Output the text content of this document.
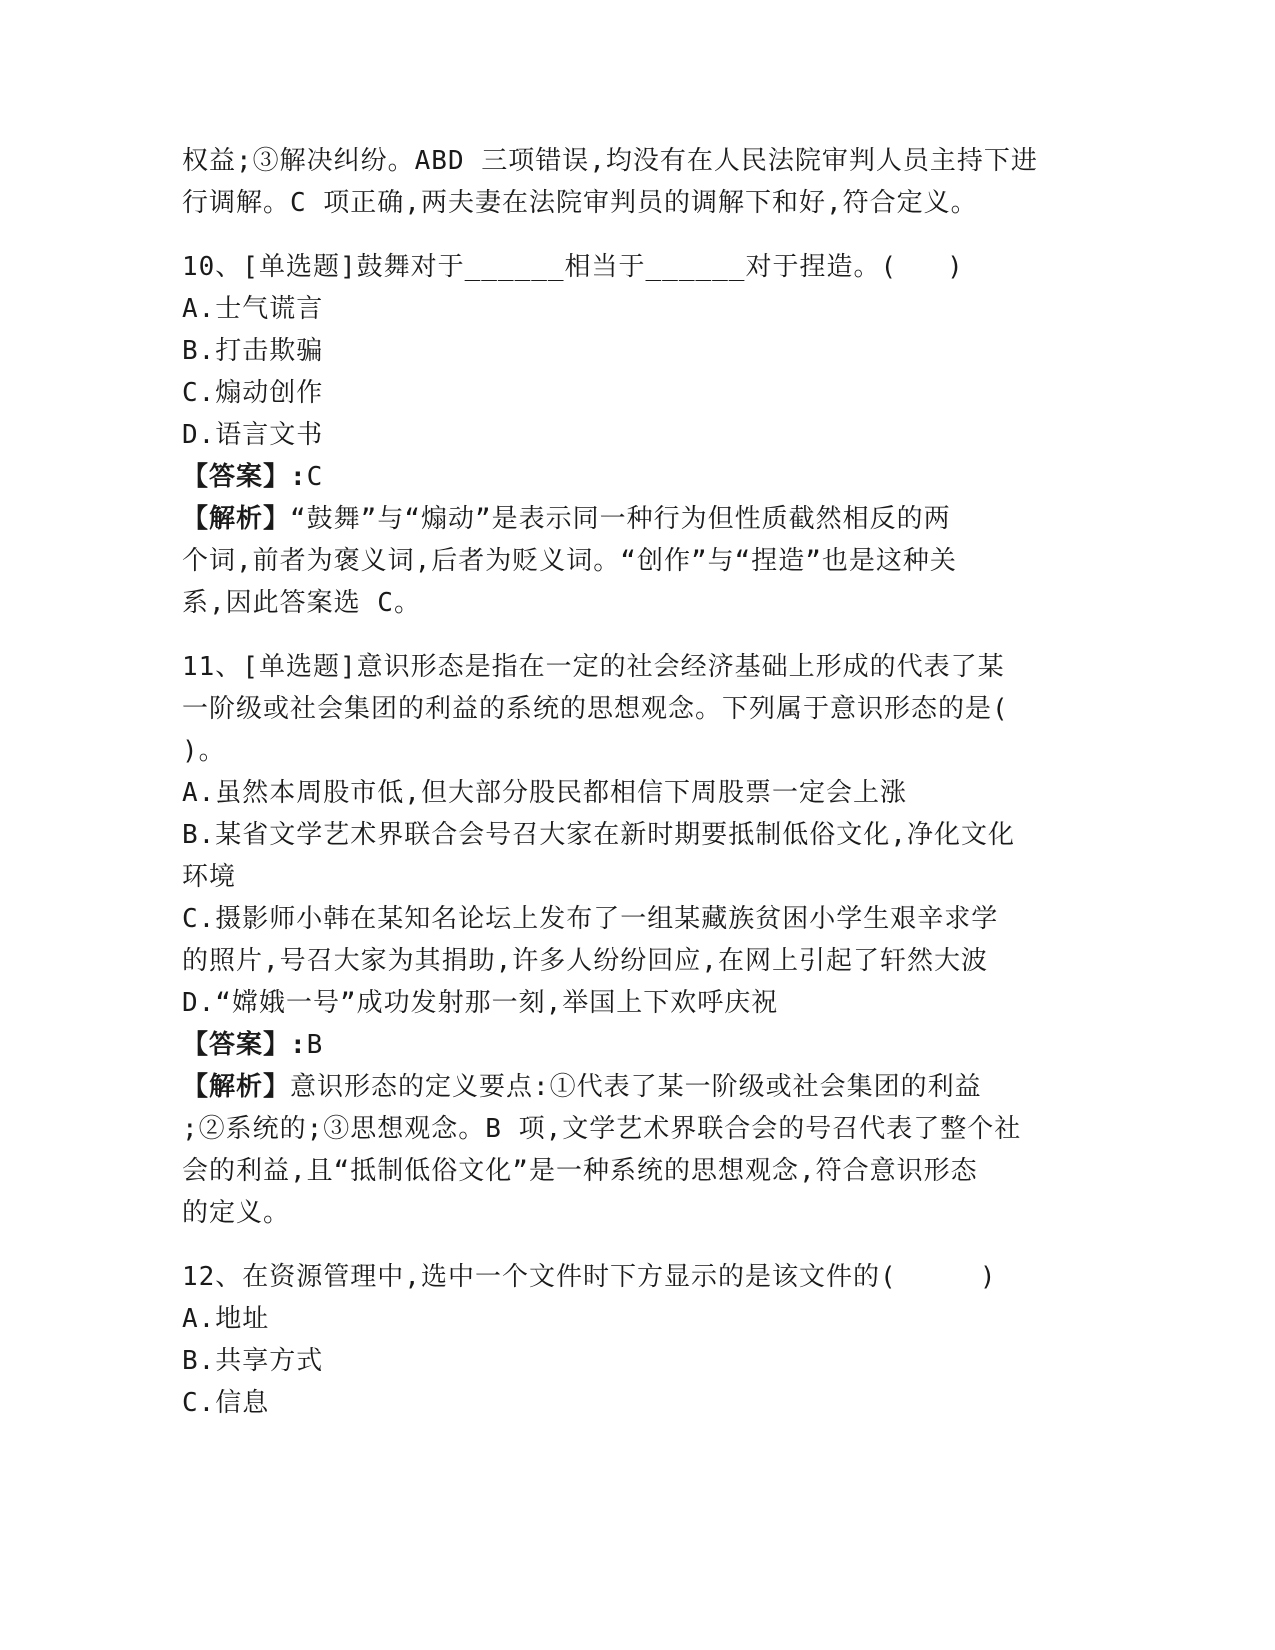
权益;③解决纠纷。ABD 三项错误,均没有在人民法院审判人员主持下进
行调解。C 项正确,两夫妻在法院审判员的调解下和好,符合定义。
10、[单选题]鼓舞对于______相当于______对于捏造。(   )
A.士气谎言
B.打击欺骗
C.煽动创作
D.语言文书
【答案】:C
【解析】“鼓舞”与“煽动”是表示同一种行为但性质截然相反的两
个词,前者为褒义词,后者为贬义词。“创作”与“捏造”也是这种关
系,因此答案选 C。
11、[单选题]意识形态是指在一定的社会经济基础上形成的代表了某
一阶级或社会集团的利益的系统的思想观念。下列属于意识形态的是(
)。
A.虽然本周股市低,但大部分股民都相信下周股票一定会上涨
B.某省文学艺术界联合会号召大家在新时期要抵制低俗文化,净化文化
环境
C.摄影师小韩在某知名论坛上发布了一组某藏族贫困小学生艰辛求学
的照片,号召大家为其捐助,许多人纷纷回应,在网上引起了轩然大波
D.“嫦娥一号”成功发射那一刻,举国上下欢呼庆祝
【答案】:B
【解析】意识形态的定义要点:①代表了某一阶级或社会集团的利益
;②系统的;③思想观念。B 项,文学艺术界联合会的号召代表了整个社
会的利益,且“抵制低俗文化”是一种系统的思想观念,符合意识形态
的定义。
12、在资源管理中,选中一个文件时下方显示的是该文件的(     )
A.地址
B.共享方式
C.信息
